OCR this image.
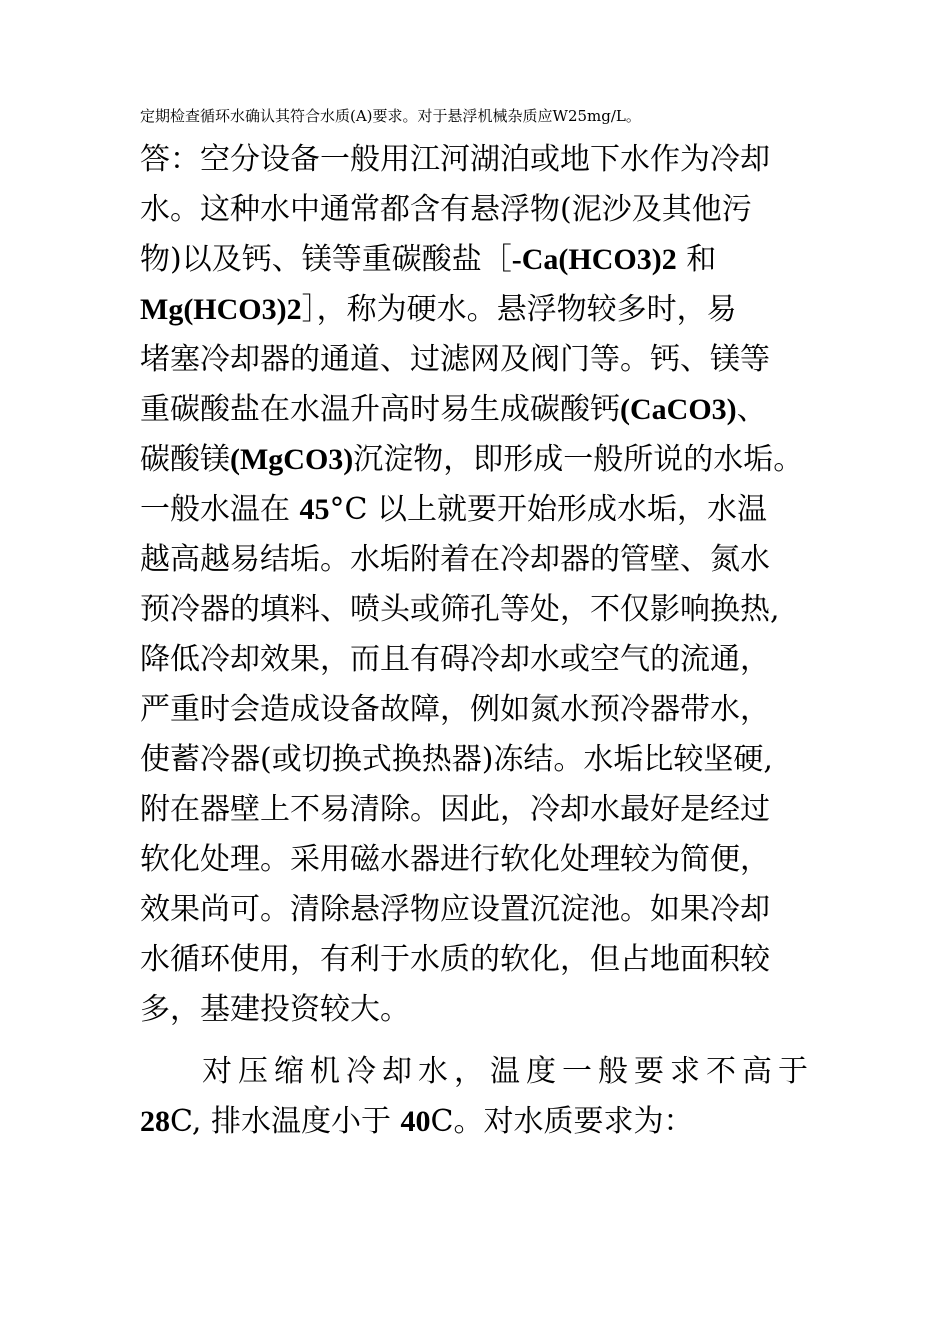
定期检查循环水确认其符合水质(A)要求。对于悬浮机械杂质应W25mg/L。
答：空分设备一般用江河湖泊或地下水作为冷却
水。这种水中通常都含有悬浮物(泥沙及其他污
物)以及钙、镁等重碳酸盐［-Ca(HCO3)2 和
Mg(HCO3)2］，称为硬水。悬浮物较多时，易
堵塞冷却器的通道、过滤网及阀门等。钙、镁等
重碳酸盐在水温升高时易生成碳酸钙(CaCO3)、
碳酸镁(MgCO3)沉淀物，即形成一般所说的水垢。
一般水温在 45°C 以上就要开始形成水垢，水温
越高越易结垢。水垢附着在冷却器的管壁、氮水
预冷器的填料、喷头或筛孔等处，不仅影响换热,
降低冷却效果，而且有碍冷却水或空气的流通，
严重时会造成设备故障，例如氮水预冷器带水，
使蓄冷器(或切换式换热器)冻结。水垢比较坚硬,
附在器壁上不易清除。因此，冷却水最好是经过
软化处理。采用磁水器进行软化处理较为简便，
效果尚可。清除悬浮物应设置沉淀池。如果冷却
水循环使用，有利于水质的软化，但占地面积较
多，基建投资较大。
对压缩机冷却水，温度一般要求不高于
28C, 排水温度小于 40C。对水质要求为：
